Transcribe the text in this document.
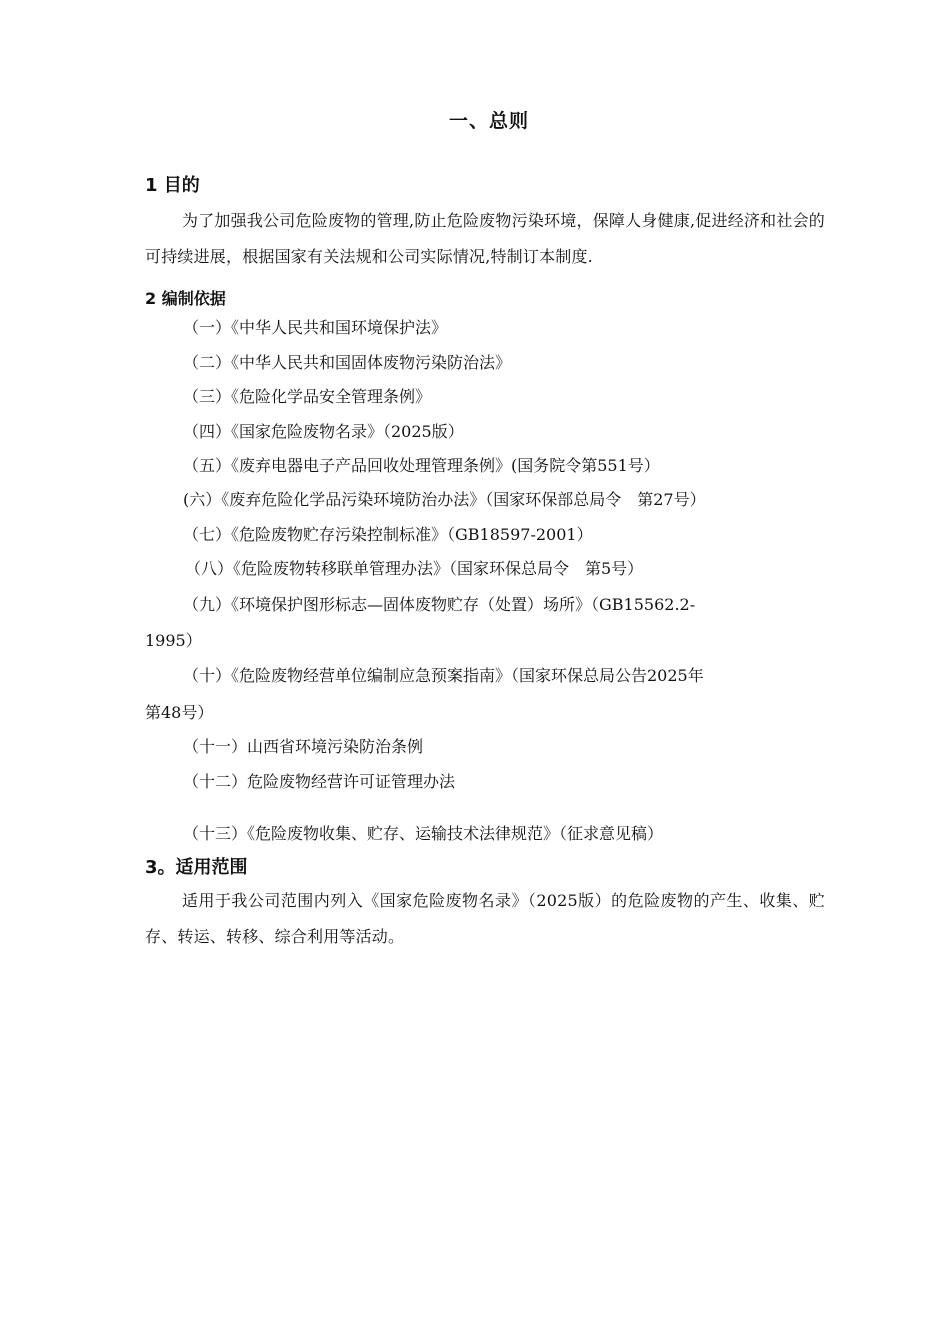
一、总则
1 目的
为了加强我公司危险废物的管理,防止危险废物污染环境，保障人身健康,促进经济和社会的可持续进展，根据国家有关法规和公司实际情况,特制订本制度.
2 编制依据
（一）《中华人民共和国环境保护法》
（二）《中华人民共和国固体废物污染防治法》
（三）《危险化学品安全管理条例》
（四）《国家危险废物名录》（2025版）
（五）《废弃电器电子产品回收处理管理条例》(国务院令第551号）
(六）《废弃危险化学品污染环境防治办法》（国家环保部总局令　第27号）
（七）《危险废物贮存污染控制标准》（GB18597-2001）
（八）《危险废物转移联单管理办法》（国家环保总局令　第5号）
（九）《环境保护图形标志—固体废物贮存（处置）场所》（GB15562.2-
1995）
（十）《危险废物经营单位编制应急预案指南》（国家环保总局公告2025年
第48号）
（十一）山西省环境污染防治条例
（十二）危险废物经营许可证管理办法
（十三）《危险废物收集、贮存、运输技术法律规范》（征求意见稿）
3。适用范围
适用于我公司范围内列入《国家危险废物名录》（2025版）的危险废物的产生、收集、贮存、转运、转移、综合利用等活动。
